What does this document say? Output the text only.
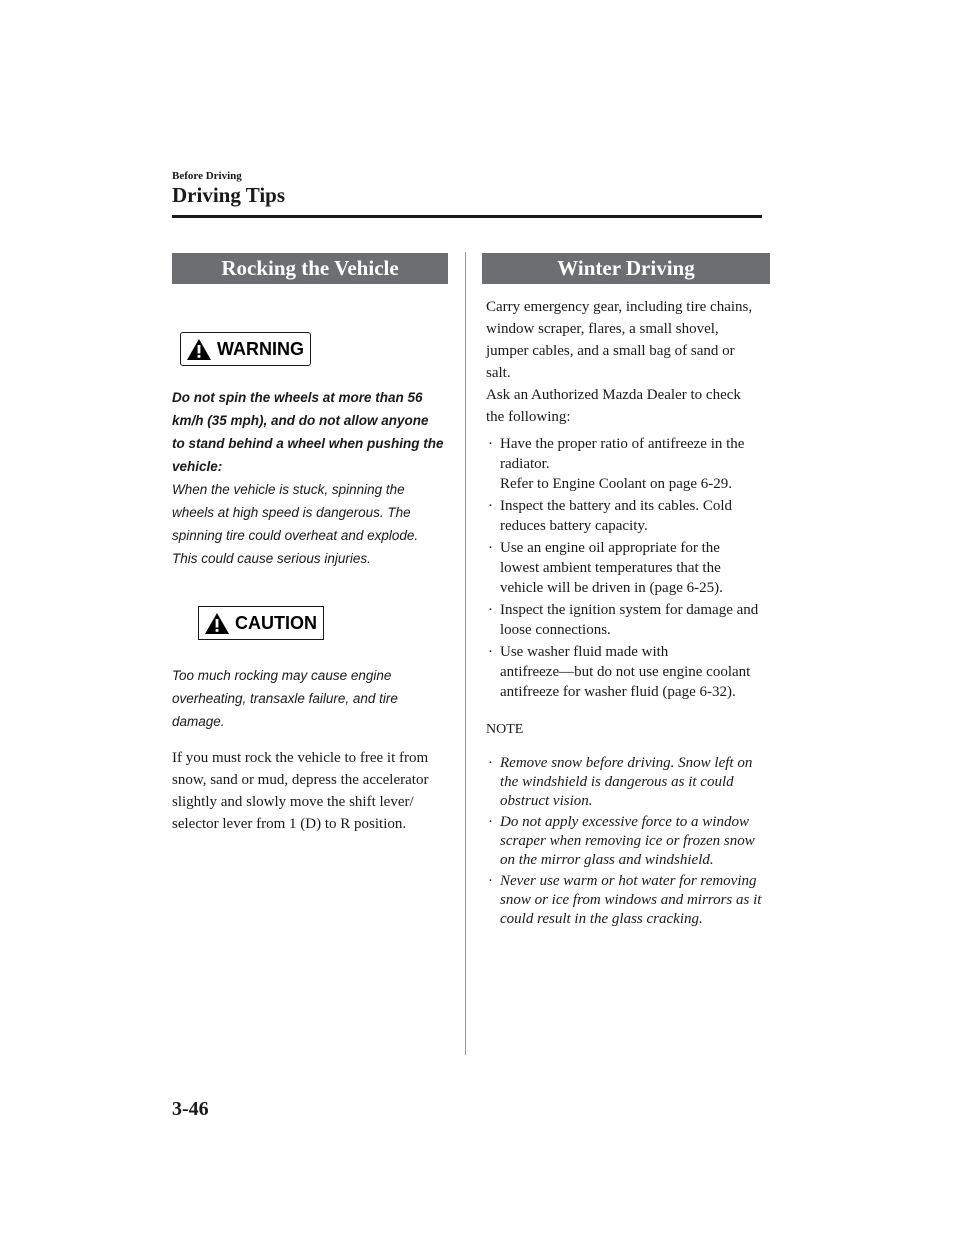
Before Driving
Driving Tips
Rocking the Vehicle
WARNING
Do not spin the wheels at more than 56 km/h (35 mph), and do not allow anyone to stand behind a wheel when pushing the vehicle:
When the vehicle is stuck, spinning the wheels at high speed is dangerous. The spinning tire could overheat and explode. This could cause serious injuries.
CAUTION
Too much rocking may cause engine overheating, transaxle failure, and tire damage.

If you must rock the vehicle to free it from snow, sand or mud, depress the accelerator slightly and slowly move the shift lever/ selector lever from 1 (D) to R position.

Winter Driving

Carry emergency gear, including tire chains, window scraper, flares, a small shovel, jumper cables, and a small bag of sand or salt.

Ask an Authorized Mazda Dealer to check the following:

· Have the proper ratio of antifreeze in the radiator.
Refer to Engine Coolant on page 6-29.
· Inspect the battery and its cables. Cold reduces battery capacity.
· Use an engine oil appropriate for the lowest ambient temperatures that the vehicle will be driven in (page 6-25).
· Inspect the ignition system for damage and loose connections.
· Use washer fluid made with antifreeze―but do not use engine coolant antifreeze for washer fluid (page 6-32).

NOTE

· Remove snow before driving. Snow left on the windshield is dangerous as it could obstruct vision.
· Do not apply excessive force to a window scraper when removing ice or frozen snow on the mirror glass and windshield.
· Never use warm or hot water for removing snow or ice from windows and mirrors as it could result in the glass cracking.
3-46
